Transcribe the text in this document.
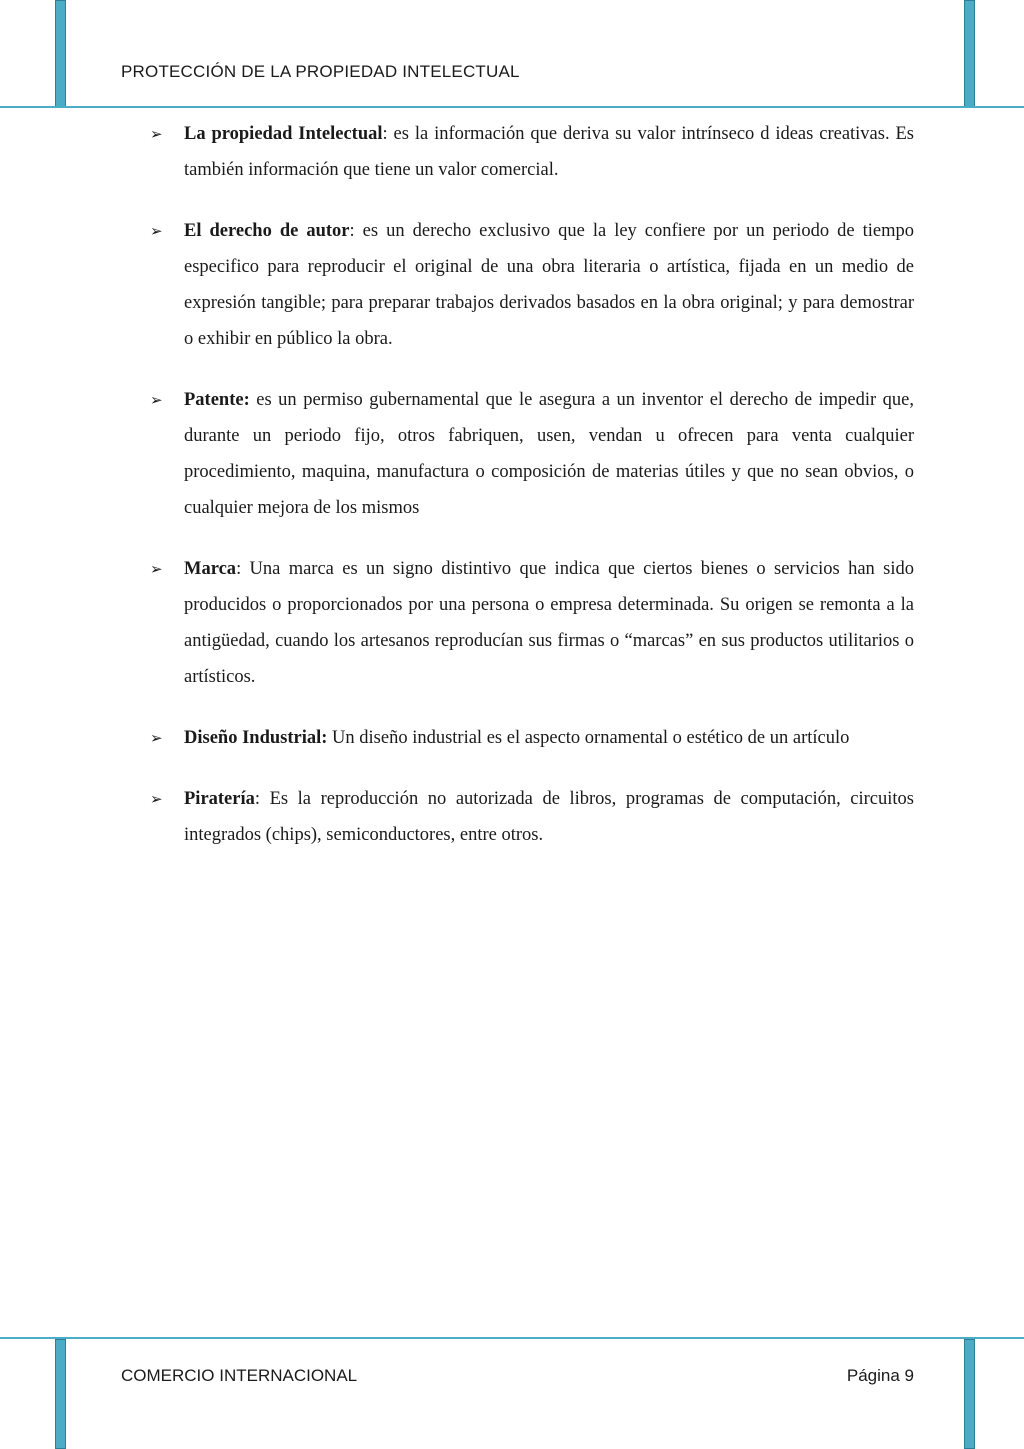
PROTECCIÓN DE LA PROPIEDAD INTELECTUAL
➢ La propiedad Intelectual: es la información que deriva su valor intrínseco d ideas creativas. Es también información que tiene un valor comercial.
➢ El derecho de autor: es un derecho exclusivo que la ley confiere por un periodo de tiempo especifico para reproducir el original de una obra literaria o artística, fijada en un medio de expresión tangible; para preparar trabajos derivados basados en la obra original; y para demostrar o exhibir en público la obra.
➢ Patente: es un permiso gubernamental que le asegura a un inventor el derecho de impedir que, durante un periodo fijo, otros fabriquen, usen, vendan u ofrecen para venta cualquier procedimiento, maquina, manufactura o composición de materias útiles y que no sean obvios, o cualquier mejora de los mismos
➢ Marca: Una marca es un signo distintivo que indica que ciertos bienes o servicios han sido producidos o proporcionados por una persona o empresa determinada. Su origen se remonta a la antigüedad, cuando los artesanos reproducían sus firmas o “marcas” en sus productos utilitarios o artísticos.
➢ Diseño Industrial: Un diseño industrial es el aspecto ornamental o estético de un artículo
➢ Piratería: Es la reproducción no autorizada de libros, programas de computación, circuitos integrados (chips), semiconductores, entre otros.
COMERCIO INTERNACIONAL	Página 9
